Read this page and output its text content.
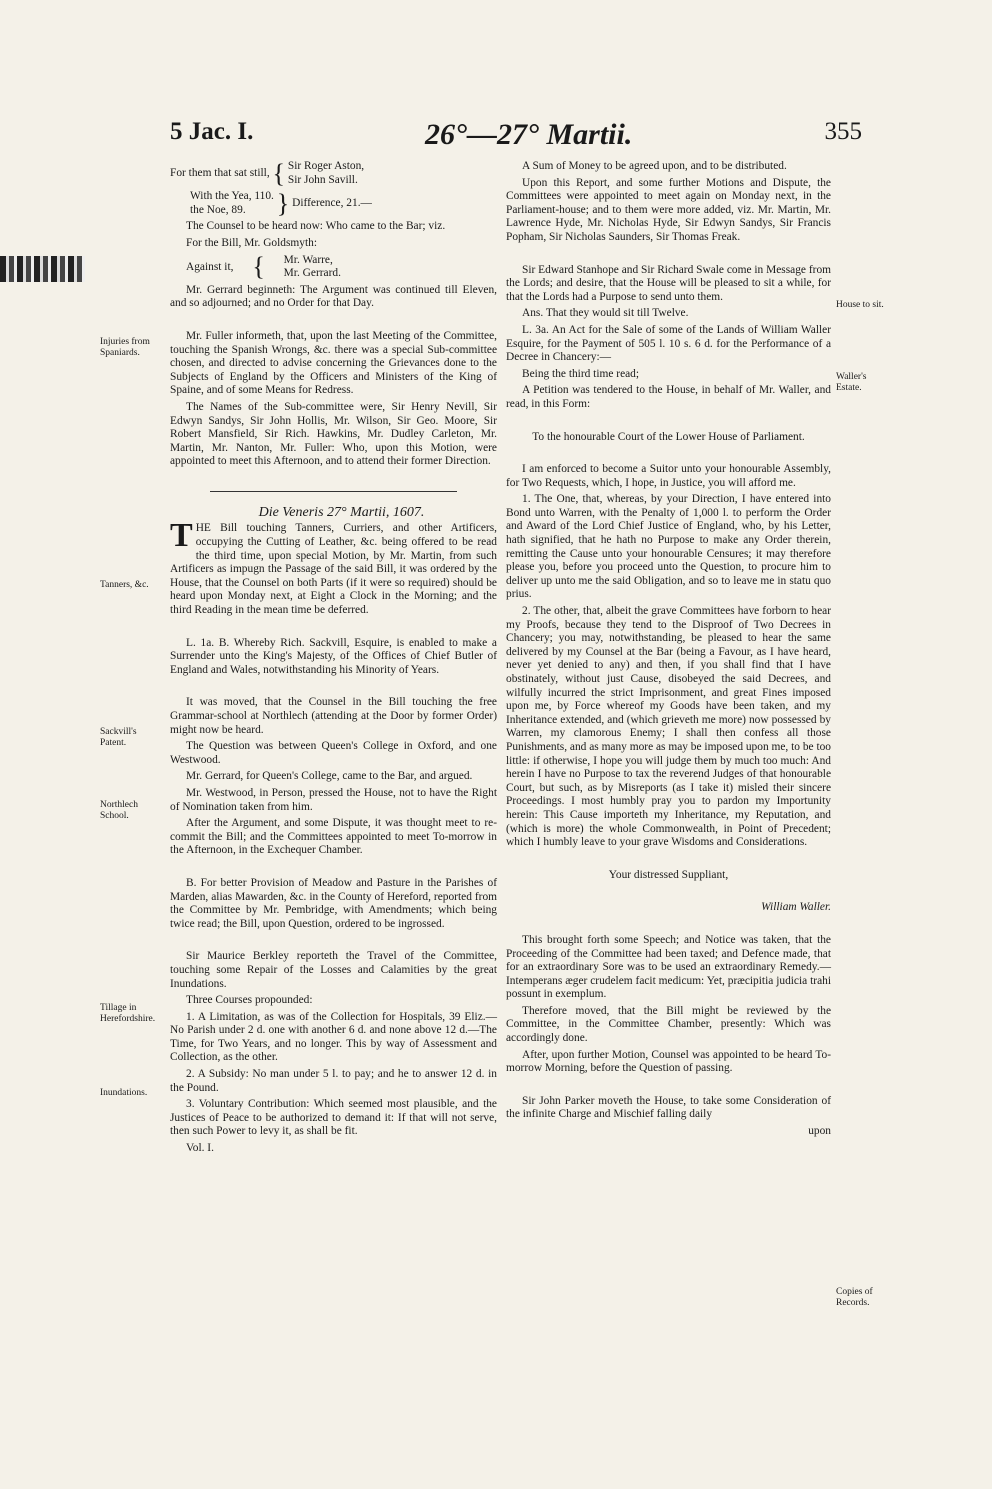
5 Jac. I.	26°—27° Martii.	355

For them that sat still, { Sir Roger Aston,
Sir John Savill.

With the Yea, 110.
the Noe, 89.	} Difference, 21.—

The Counsel to be heard now: Who came to the Bar; viz.

For the Bill, Mr. Goldsmyth:

Against it, {	Mr. Warre,
Mr. Gerrard.

Mr. Gerrard beginneth: The Argument was continued till Eleven, and so adjourned; and no Order for that Day.

Mr. Fuller informeth, that, upon the last Meeting of the Committee, touching the Spanish Wrongs, &c. there was a special Sub-committee chosen, and directed to advise concerning the Grievances done to the Subjects of England by the Officers and Ministers of the King of Spaine, and of some Means for Redress.

The Names of the Sub-committee were, Sir Henry Nevill, Sir Edwyn Sandys, Sir John Hollis, Mr. Wilson, Sir Geo. Moore, Sir Robert Mansfield, Sir Rich. Hawkins, Mr. Dudley Carleton, Mr. Martin, Mr. Nanton, Mr. Fuller: Who, upon this Motion, were appointed to meet this Afternoon, and to attend their former Direction.

Die Veneris 27° Martii, 1607.

THE Bill touching Tanners, Curriers, and other Artificers, occupying the Cutting of Leather, &c. being offered to be read the third time, upon special Motion, by Mr. Martin, from such Artificers as impugn the Passage of the said Bill, it was ordered by the House, that the Counsel on both Parts (if it were so required) should be heard upon Monday next, at Eight a Clock in the Morning; and the third Reading in the mean time be deferred.

L. 1a. B. Whereby Rich. Sackvill, Esquire, is enabled to make a Surrender unto the King's Majesty, of the Offices of Chief Butler of England and Wales, notwithstanding his Minority of Years.

It was moved, that the Counsel in the Bill touching the free Grammar-school at Northlech (attending at the Door by former Order) might now be heard.

The Question was between Queen's College in Oxford, and one Westwood.

Mr. Gerrard, for Queen's College, came to the Bar, and argued.

Mr. Westwood, in Person, pressed the House, not to have the Right of Nomination taken from him.

After the Argument, and some Dispute, it was thought meet to re-commit the Bill; and the Committees appointed to meet To-morrow in the Afternoon, in the Exchequer Chamber.

B. For better Provision of Meadow and Pasture in the Parishes of Marden, alias Mawarden, &c. in the County of Hereford, reported from the Committee by Mr. Pembridge, with Amendments; which being twice read; the Bill, upon Question, ordered to be ingrossed.

Sir Maurice Berkley reporteth the Travel of the Committee, touching some Repair of the Losses and Calamities by the great Inundations.

Three Courses propounded:

1. A Limitation, as was of the Collection for Hospitals, 39 Eliz.—No Parish under 2 d. one with another 6 d. and none above 12 d.—The Time, for Two Years, and no longer. This by way of Assessment and Collection, as the other.

2. A Subsidy: No man under 5 l. to pay; and he to answer 12 d. in the Pound.

3. Voluntary Contribution: Which seemed most plausible, and the Justices of Peace to be authorized to demand it: If that will not serve, then such Power to levy it, as shall be fit.

Vol. I.

A Sum of Money to be agreed upon, and to be distributed.

Upon this Report, and some further Motions and Dispute, the Committees were appointed to meet again on Monday next, in the Parliament-house; and to them were more added, viz. Mr. Martin, Mr. Lawrence Hyde, Mr. Nicholas Hyde, Sir Edwyn Sandys, Sir Francis Popham, Sir Nicholas Saunders, Sir Thomas Freak.

Sir Edward Stanhope and Sir Richard Swale come in Message from the Lords; and desire, that the House will be pleased to sit a while, for that the Lords had a Purpose to send unto them.

Ans. That they would sit till Twelve.

L. 3a. An Act for the Sale of some of the Lands of William Waller Esquire, for the Payment of 505 l. 10 s. 6 d. for the Performance of a Decree in Chancery:—

Being the third time read;

A Petition was tendered to the House, in behalf of Mr. Waller, and read, in this Form:

To the honourable Court of the Lower House of Parliament.

I am enforced to become a Suitor unto your honourable Assembly, for Two Requests, which, I hope, in Justice, you will afford me.

1. The One, that, whereas, by your Direction, I have entered into Bond unto Warren, with the Penalty of 1,000 l. to perform the Order and Award of the Lord Chief Justice of England, who, by his Letter, hath signified, that he hath no Purpose to make any Order therein, remitting the Cause unto your honourable Censures; it may therefore please you, before you proceed unto the Question, to procure him to deliver up unto me the said Obligation, and so to leave me in statu quo prius.

2. The other, that, albeit the grave Committees have forborn to hear my Proofs, because they tend to the Disproof of Two Decrees in Chancery; you may, notwithstanding, be pleased to hear the same delivered by my Counsel at the Bar (being a Favour, as I have heard, never yet denied to any) and then, if you shall find that I have obstinately, without just Cause, disobeyed the said Decrees, and wilfully incurred the strict Imprisonment, and great Fines imposed upon me, by Force whereof my Goods have been taken, and my Inheritance extended, and (which grieveth me more) now possessed by Warren, my clamorous Enemy; I shall then confess all those Punishments, and as many more as may be imposed upon me, to be too little: if otherwise, I hope you will judge them by much too much: And herein I have no Purpose to tax the reverend Judges of that honourable Court, but such, as by Misreports (as I take it) misled their sincere Proceedings. I most humbly pray you to pardon my Importunity herein: This Cause importeth my Inheritance, my Reputation, and (which is more) the whole Commonwealth, in Point of Precedent; which I humbly leave to your grave Wisdoms and Considerations.

Your distressed Suppliant,

William Waller.

This brought forth some Speech; and Notice was taken, that the Proceeding of the Committee had been taxed; and Defence made, that for an extraordinary Sore was to be used an extraordinary Remedy.—Intemperans æger crudelem facit medicum: Yet, præcipitia judicia trahi possunt in exemplum.

Therefore moved, that the Bill might be reviewed by the Committee, in the Committee Chamber, presently: Which was accordingly done.

After, upon further Motion, Counsel was appointed to be heard To-morrow Morning, before the Question of passing.

Sir John Parker moveth the House, to take some Consideration of the infinite Charge and Mischief falling daily

upon

Injuries from Spaniards.
Tanners, &c.
Sackvill's Patent.
Northlech School.
Tillage in Herefordshire.
Inundations.
House to sit.
Waller's Estate.
Copies of Records.
